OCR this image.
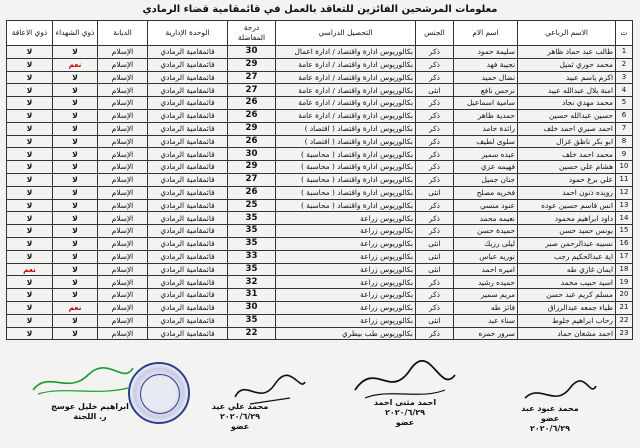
معلومات المرشحين الفائزين للتعاقد بالعمل في قائمقامية قضاء الرمادي
ت	الاسم الرباعي	اسم الام	الجنس	التحصيل الدراسي	درجة المفاضلة	الوحدة الإدارية	الديانة	ذوي الشهداء	ذوي الاعاقة
1	طالب عبد حماد ظاهر	سليمة حمود	ذكر	بكالوريوس ادارة واقتصاد / ادارة اعمال	30	قائمقامية الرمادي	الإسلام	لا	لا
2	محمد حوري ثميل	نجيبة فهد	ذكر	بكالوريوس ادارة واقتصاد / ادارة عامة	29	قائمقامية الرمادي	الإسلام	نعم	لا
3	اكرم ياسم عبيد	نضال حميد	ذكر	بكالوريوس ادارة واقتصاد / ادارة عامة	27	قائمقامية الرمادي	الإسلام	لا	لا
4	امنة بلال عبدالله عبيد	نرجس نافع	انثى	بكالوريوس ادارة واقتصاد / ادارة عامة	27	قائمقامية الرمادي	الإسلام	لا	لا
5	محمد مهدي نجاد	سامية اسماعيل	ذكر	بكالوريوس ادارة واقتصاد / ادارة عامة	26	قائمقامية الرمادي	الإسلام	لا	لا
6	حسين عبدالله حسين	حمدية ظاهر	ذكر	بكالوريوس ادارة واقتصاد / ادارة عامة	26	قائمقامية الرمادي	الإسلام	لا	لا
7	احمد صبري احمد خلف	رائدة حامد	ذكر	بكالوريوس ادارة واقتصاد ( اقتصاد )	29	قائمقامية الرمادي	الإسلام	لا	لا
8	ابو بكر ناظق غزال	سلوى لطيف	ذكر	بكالوريوس ادارة واقتصاد ( اقتصاد )	26	قائمقامية الرمادي	الإسلام	لا	لا
9	محمد احمد خلف	عبده سمير	ذكر	بكالوريوس ادارة واقتصاد ( محاسبة )	30	قائمقامية الرمادي	الإسلام	لا	لا
10	هشام علي حسين	فهيمه عزي	ذكر	بكالوريوس ادارة واقتصاد ( محاسبة )	29	قائمقامية الرمادي	الإسلام	لا	لا
11	علي برع حمود	جنان جميل	ذكر	بكالوريوس ادارة واقتصاد ( محاسبة )	27	قائمقامية الرمادي	الإسلام	لا	لا
12	رويده ذنون احمد	فخريه مصلح	انثى	بكالوريوس ادارة واقتصاد ( محاسبة )	26	قائمقامية الرمادي	الإسلام	لا	لا
13	انس قاسم حسين عوده	عنود منسي	ذكر	بكالوريوس ادارة واقتصاد ( محاسبة )	25	قائمقامية الرمادي	الإسلام	لا	لا
14	داود ابراهيم محمود	نعيمه محمد	ذكر	بكالوريوس زراعة	35	قائمقامية الرمادي	الإسلام	لا	لا
15	يونس حميد حسن	حميدة حسن	ذكر	بكالوريوس زراعة	35	قائمقامية الرمادي	الإسلام	لا	لا
16	نسيبه عبدالرحمن صبر	ليلى رزيك	انثى	بكالوريوس زراعة	35	قائمقامية الرمادي	الإسلام	لا	لا
17	اية عبدالحكيم رجب	نوريه عباس	انثى	بكالوريوس زراعة	33	قائمقامية الرمادي	الإسلام	لا	لا
18	ايمان غازي طه	اميره احمد	انثى	بكالوريوس زراعة	35	قائمقامية الرمادي	الإسلام	لا	نعم
19	اسيد حبيب محمد	حميده رشيد	ذكر	بكالوريوس زراعة	32	قائمقامية الرمادي	الإسلام	لا	لا
20	مسلم كريم عبد حسن	مريم سمير	ذكر	بكالوريوس زراعة	31	قائمقامية الرمادي	الإسلام	لا	لا
21	ظياء جمعه عبدالرزاق	فائز طه	ذكر	بكالوريوس زراعة	30	قائمقامية الرمادي	الإسلام	نعم	لا
22	رحاب ابراهيم جلوط	سناء عبد	انثى	بكالوريوس زراعة	35	قائمقامية الرمادي	الإسلام	لا	لا
23	احمد مشعان حماد	سرور حمزه	ذكر	بكالوريوس طب بيطري	22	قائمقامية الرمادي	الإسلام	لا	لا
ابراهيم خليل عوسج
ر. اللجنة
محمد علي عيد
٢٠٢٠/٦/٢٩
عضو
احمد مثنى احمد
٢٠٢٠/٦/٢٩
عضو
محمد عبود عبد
عضو
٢٠٢٠/٦/٢٩
